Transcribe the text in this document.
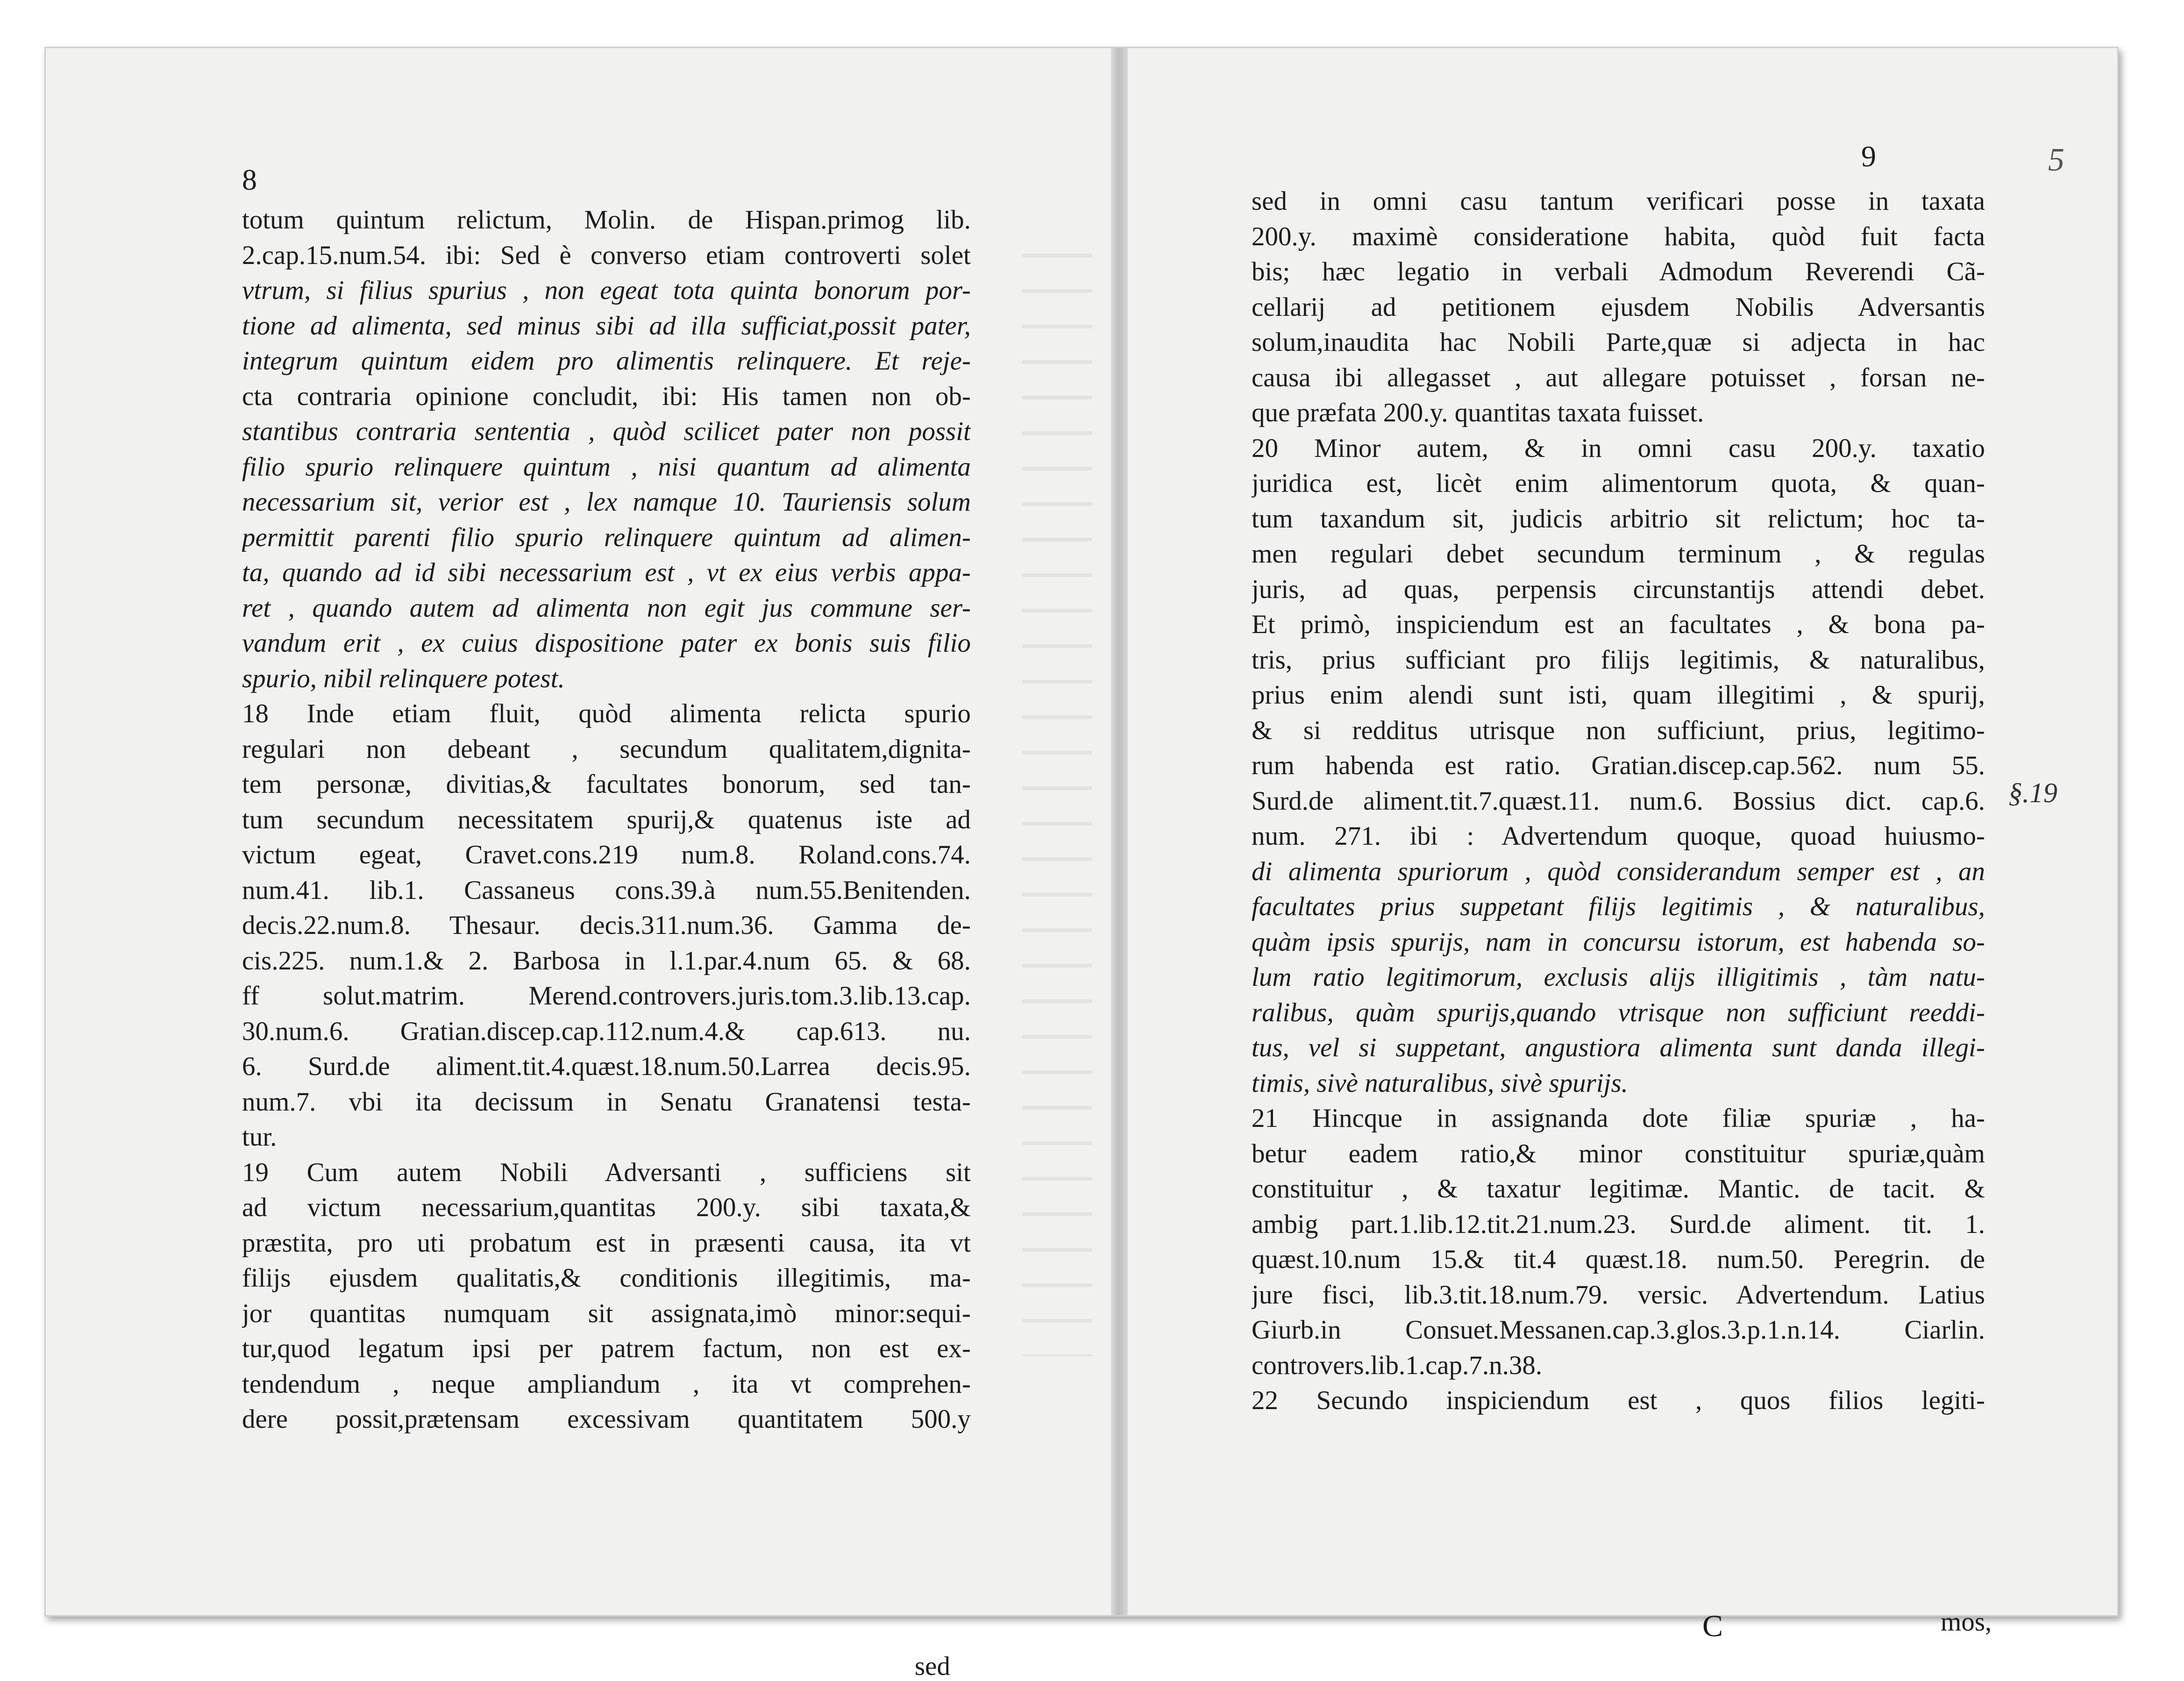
8
totum quintum relictum, Molin. de Hispan.primog lib.
2.cap.15.num.54. ibi: Sed è converso etiam controverti solet
vtrum, si filius spurius , non egeat tota quinta bonorum por-
tione ad alimenta, sed minus sibi ad illa sufficiat,possit pater,
integrum quintum eidem pro alimentis relinquere. Et reje-
cta contraria opinione concludit, ibi: His tamen non ob-
stantibus contraria sententia , quòd scilicet pater non possit
filio spurio relinquere quintum , nisi quantum ad alimenta
necessarium sit, verior est , lex namque 10. Tauriensis solum
permittit parenti filio spurio relinquere quintum ad alimen-
ta, quando ad id sibi necessarium est , vt ex eius verbis appa-
ret , quando autem ad alimenta non egit jus commune ser-
vandum erit , ex cuius dispositione pater ex bonis suis filio
spurio, nibil relinquere potest.
18 Inde etiam fluit, quòd alimenta relicta spurio
regulari non debeant , secundum qualitatem,dignita-
tem personæ, divitias,& facultates bonorum, sed tan-
tum secundum necessitatem spurij,& quatenus iste ad
victum egeat, Cravet.cons.219 num.8. Roland.cons.74.
num.41. lib.1. Cassaneus cons.39.à num.55.Benitenden.
decis.22.num.8. Thesaur. decis.311.num.36. Gamma de-
cis.225. num.1.& 2. Barbosa in l.1.par.4.num 65. & 68.
ff solut.matrim. Merend.controvers.juris.tom.3.lib.13.cap.
30.num.6. Gratian.discep.cap.112.num.4.& cap.613. nu.
6. Surd.de aliment.tit.4.quæst.18.num.50.Larrea decis.95.
num.7. vbi ita decissum in Senatu Granatensi testa-
tur.
19 Cum autem Nobili Adversanti , sufficiens sit
ad victum necessarium,quantitas 200.y. sibi taxata,&
præstita, pro uti probatum est in præsenti causa, ita vt
filijs ejusdem qualitatis,& conditionis illegitimis, ma-
jor quantitas numquam sit assignata,imò minor:sequi-
tur,quod legatum ipsi per patrem factum, non est ex-
tendendum , neque ampliandum , ita vt comprehen-
dere possit,prætensam excessivam quantitatem 500.y
sed
9	5
sed in omni casu tantum verificari posse in taxata
200.y. maximè consideratione habita, quòd fuit facta
bis; hæc legatio in verbali Admodum Reverendi Cã-
cellarij ad petitionem ejusdem Nobilis Adversantis
solum,inaudita hac Nobili Parte,quæ si adjecta in hac
causa ibi allegasset , aut allegare potuisset , forsan ne-
que præfata 200.y. quantitas taxata fuisset.
20 Minor autem, & in omni casu 200.y. taxatio
juridica est, licèt enim alimentorum quota, & quan-
tum taxandum sit, judicis arbitrio sit relictum; hoc ta-
men regulari debet secundum terminum , & regulas
juris, ad quas, perpensis circunstantijs attendi debet.
Et primò, inspiciendum est an facultates , & bona pa-
tris, prius sufficiant pro filijs legitimis, & naturalibus,
prius enim alendi sunt isti, quam illegitimi , & spurij,
& si redditus utrisque non sufficiunt, prius, legitimo-
rum habenda est ratio. Gratian.discep.cap.562. num 55.
Surd.de aliment.tit.7.quæst.11. num.6. Bossius dict. cap.6.
num. 271. ibi : Advertendum quoque, quoad huiusmo-
di alimenta spuriorum , quòd considerandum semper est , an
facultates prius suppetant filijs legitimis , & naturalibus,
quàm ipsis spurijs, nam in concursu istorum, est habenda so-
lum ratio legitimorum, exclusis alijs illigitimis , tàm natu-
ralibus, quàm spurijs,quando vtrisque non sufficiunt reeddi-
tus, vel si suppetant, angustiora alimenta sunt danda illegi-
timis, sivè naturalibus, sivè spurijs.
21 Hincque in assignanda dote filiæ spuriæ , ha-
betur eadem ratio,& minor constituitur spuriæ,quàm
constituitur , & taxatur legitimæ. Mantic. de tacit. &
ambig part.1.lib.12.tit.21.num.23. Surd.de aliment. tit. 1.
quæst.10.num 15.& tit.4 quæst.18. num.50. Peregrin. de
jure fisci, lib.3.tit.18.num.79. versic. Advertendum. Latius
Giurb.in Consuet.Messanen.cap.3.glos.3.p.1.n.14. Ciarlin.
controvers.lib.1.cap.7.n.38.
22 Secundo inspiciendum est , quos filios legiti-
§.19
C	mos,
